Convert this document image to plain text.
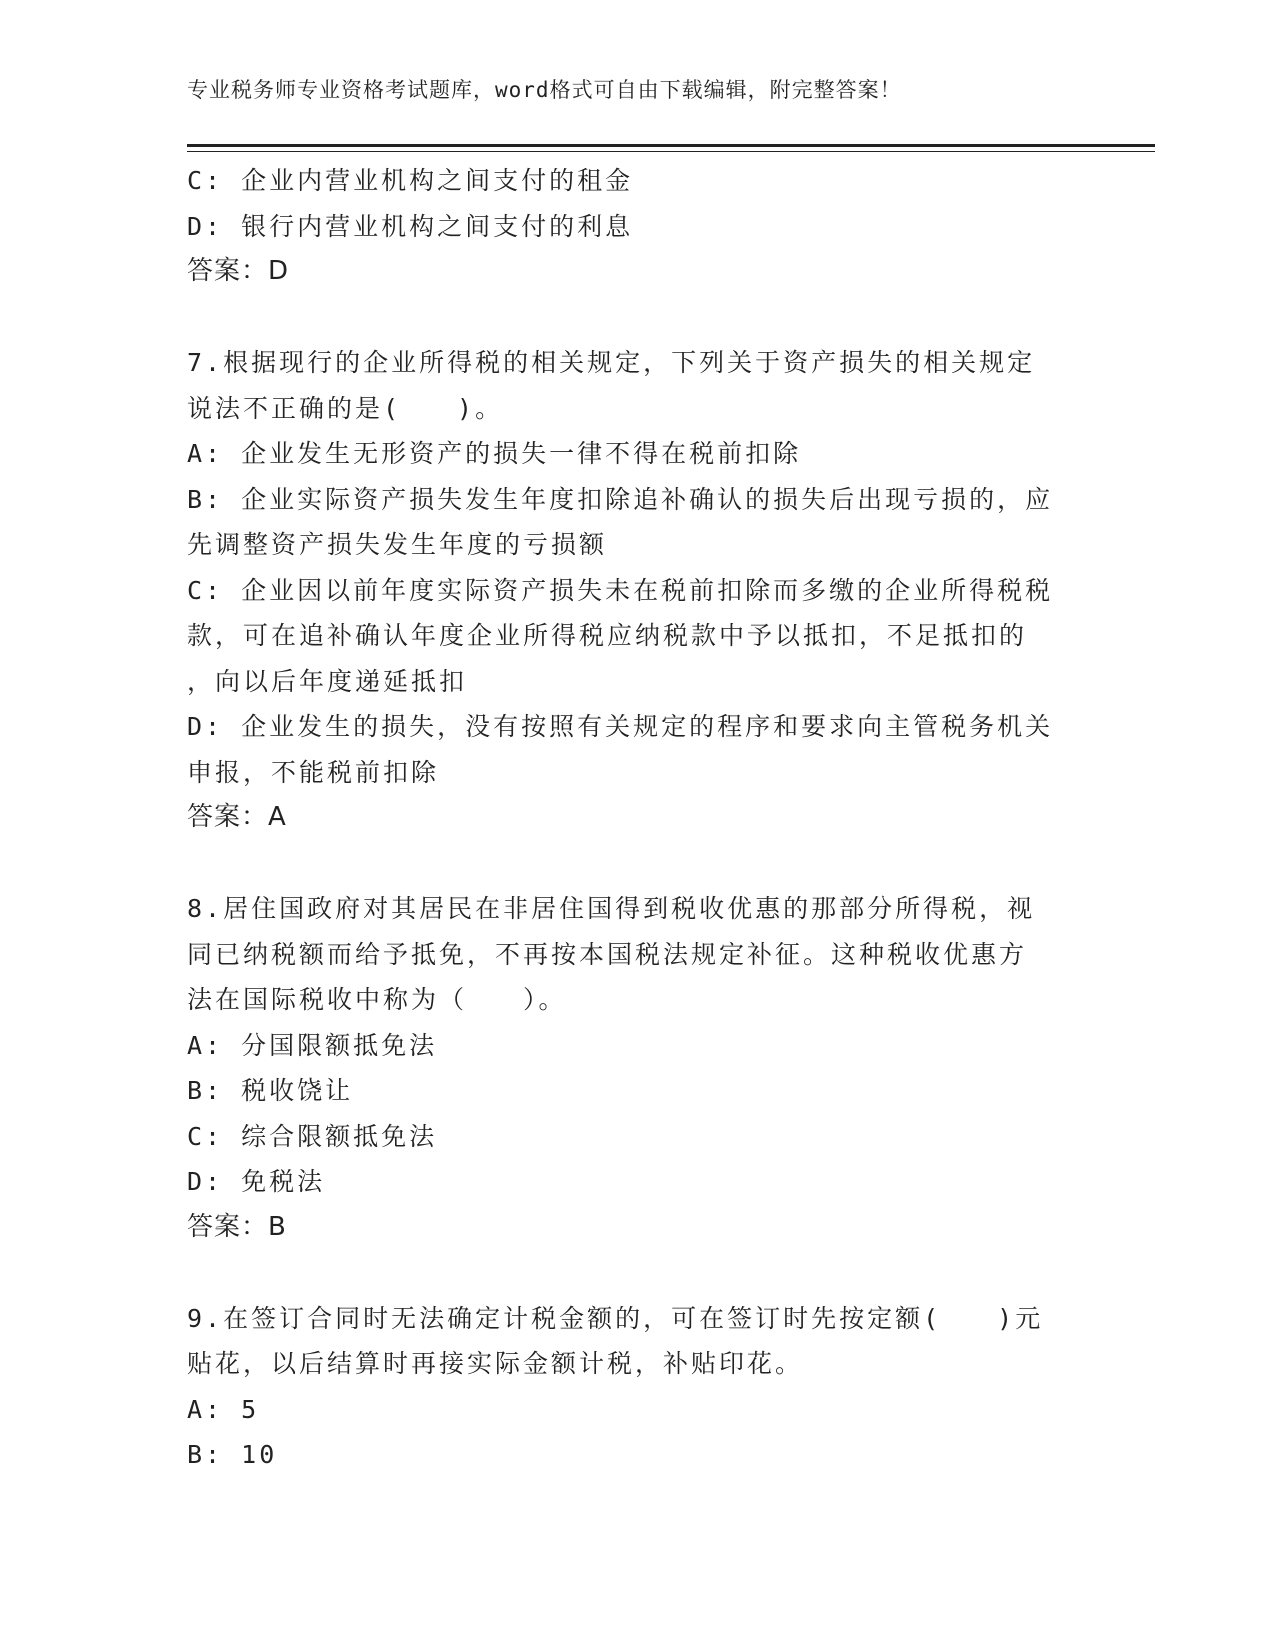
专业税务师专业资格考试题库，word格式可自由下载编辑，附完整答案！
C: 企业内营业机构之间支付的租金
D: 银行内营业机构之间支付的利息
答案：D
7.根据现行的企业所得税的相关规定，下列关于资产损失的相关规定
说法不正确的是(　　)。
A: 企业发生无形资产的损失一律不得在税前扣除
B: 企业实际资产损失发生年度扣除追补确认的损失后出现亏损的，应
先调整资产损失发生年度的亏损额
C: 企业因以前年度实际资产损失未在税前扣除而多缴的企业所得税税
款，可在追补确认年度企业所得税应纳税款中予以抵扣，不足抵扣的
，向以后年度递延抵扣
D: 企业发生的损失，没有按照有关规定的程序和要求向主管税务机关
申报，不能税前扣除
答案：A
8.居住国政府对其居民在非居住国得到税收优惠的那部分所得税，视
同已纳税额而给予抵免，不再按本国税法规定补征。这种税收优惠方
法在国际税收中称为（　　）。
A: 分国限额抵免法
B: 税收饶让
C: 综合限额抵免法
D: 免税法
答案：B
9.在签订合同时无法确定计税金额的，可在签订时先按定额(　　)元
贴花，以后结算时再接实际金额计税，补贴印花。
A: 5
B: 10
